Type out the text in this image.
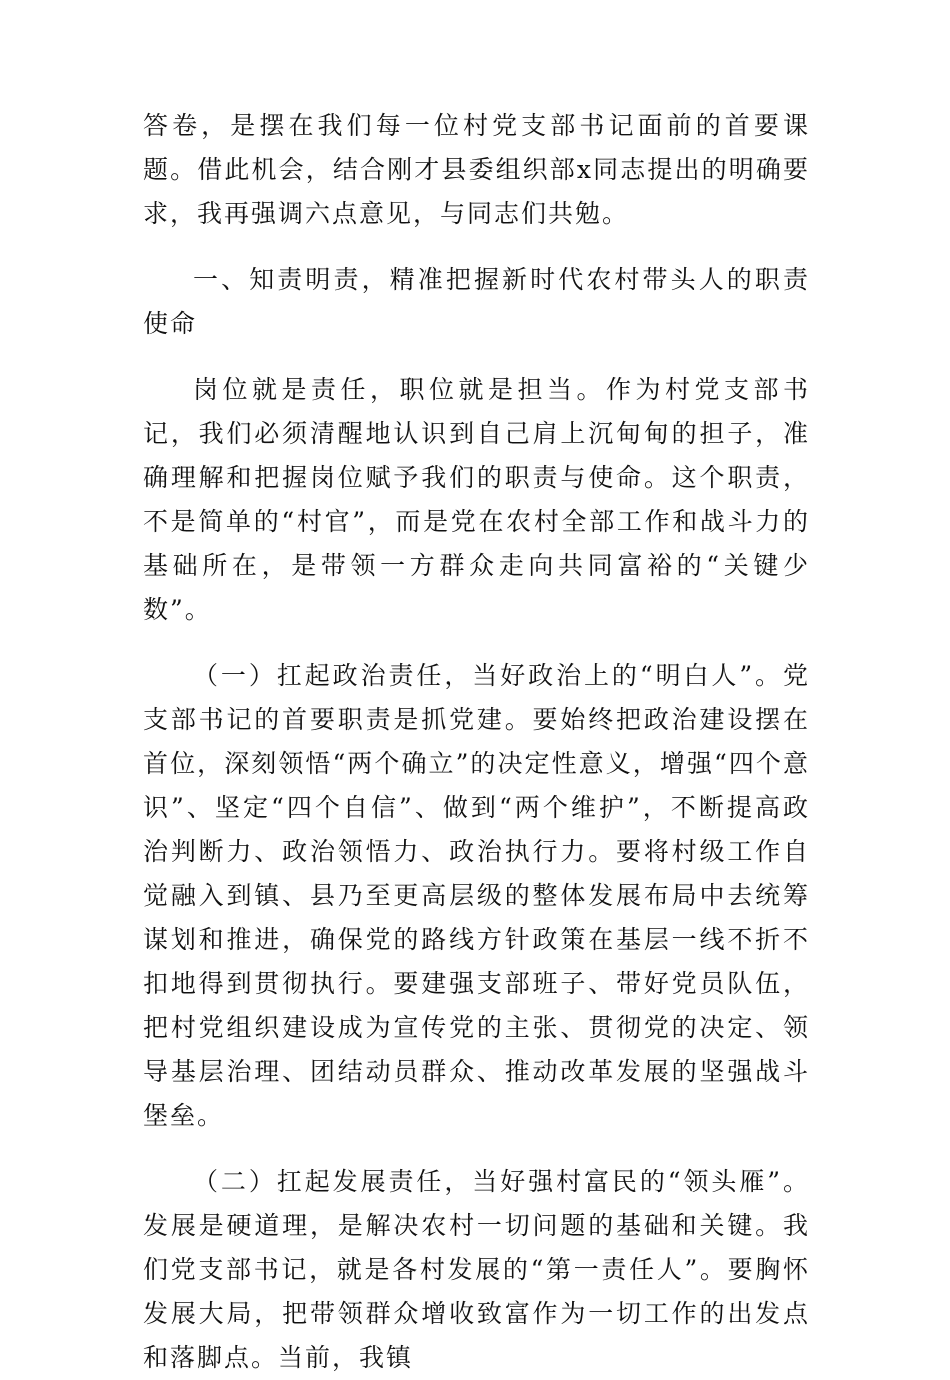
答卷，是摆在我们每一位村党支部书记面前的首要课题。借此机会，结合刚才县委组织部x同志提出的明确要求，我再强调六点意见，与同志们共勉。

一、知责明责，精准把握新时代农村带头人的职责使命

岗位就是责任，职位就是担当。作为村党支部书记，我们必须清醒地认识到自己肩上沉甸甸的担子，准确理解和把握岗位赋予我们的职责与使命。这个职责，不是简单的“村官”，而是党在农村全部工作和战斗力的基础所在，是带领一方群众走向共同富裕的“关键少数”。

（一）扛起政治责任，当好政治上的“明白人”。党支部书记的首要职责是抓党建。要始终把政治建设摆在首位，深刻领悟“两个确立”的决定性意义，增强“四个意识”、坚定“四个自信”、做到“两个维护”，不断提高政治判断力、政治领悟力、政治执行力。要将村级工作自觉融入到镇、县乃至更高层级的整体发展布局中去统筹谋划和推进，确保党的路线方针政策在基层一线不折不扣地得到贯彻执行。要建强支部班子、带好党员队伍，把村党组织建设成为宣传党的主张、贯彻党的决定、领导基层治理、团结动员群众、推动改革发展的坚强战斗堡垒。

（二）扛起发展责任，当好强村富民的“领头雁”。发展是硬道理，是解决农村一切问题的基础和关键。我们党支部书记，就是各村发展的“第一责任人”。要胸怀发展大局，把带领群众增收致富作为一切工作的出发点和落脚点。当前，我镇
